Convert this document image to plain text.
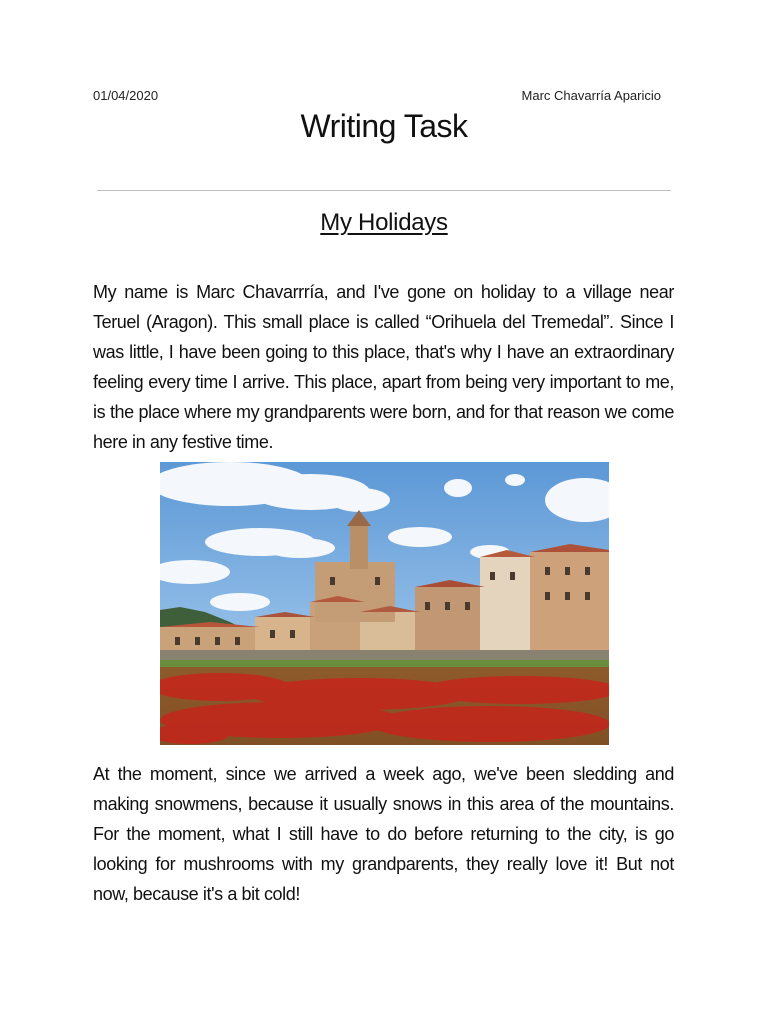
01/04/2020	Marc Chavarría Aparicio
Writing Task
My Holidays

My name is Marc Chavarrría, and I've gone on holiday to a village near Teruel (Aragon). This small place is called “Orihuela del Tremedal”. Since I was little, I have been going to this place, that's why I have an extraordinary feeling every time I arrive. This place, apart from being very important to me, is the place where my grandparents were born, and for that reason we come here in any festive time.

At the moment, since we arrived a week ago, we've been sledding and making snowmens, because it usually snows in this area of the mountains. For the moment, what I still have to do before returning to the city, is go looking for mushrooms with my grandparents, they really love it! But not now, because it's a bit cold!
